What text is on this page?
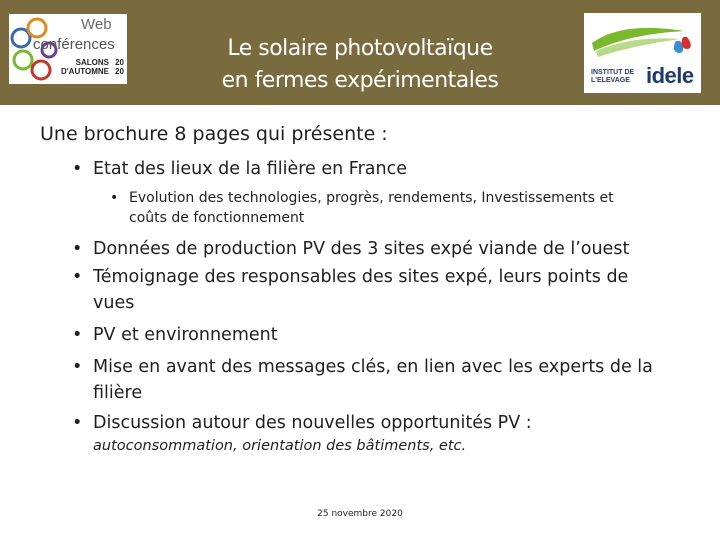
Web
conférences
SALONS
D'AUTOMNE
20
20
Le solaire photovoltaïque
en fermes expérimentales	INSTITUT DE
L'ELEVAGE idele
Une brochure 8 pages qui présente :
• Etat des lieux de la filière en France
• Evolution des technologies, progrès, rendements, Investissements et
coûts de fonctionnement
• Données de production PV des 3 sites expé viande de l’ouest
• Témoignage des responsables des sites expé, leurs points de
vues
• PV et environnement
• Mise en avant des messages clés, en lien avec les experts de la
filière
• Discussion autour des nouvelles opportunités PV :
autoconsommation, orientation des bâtiments, etc.
25 novembre 2020
